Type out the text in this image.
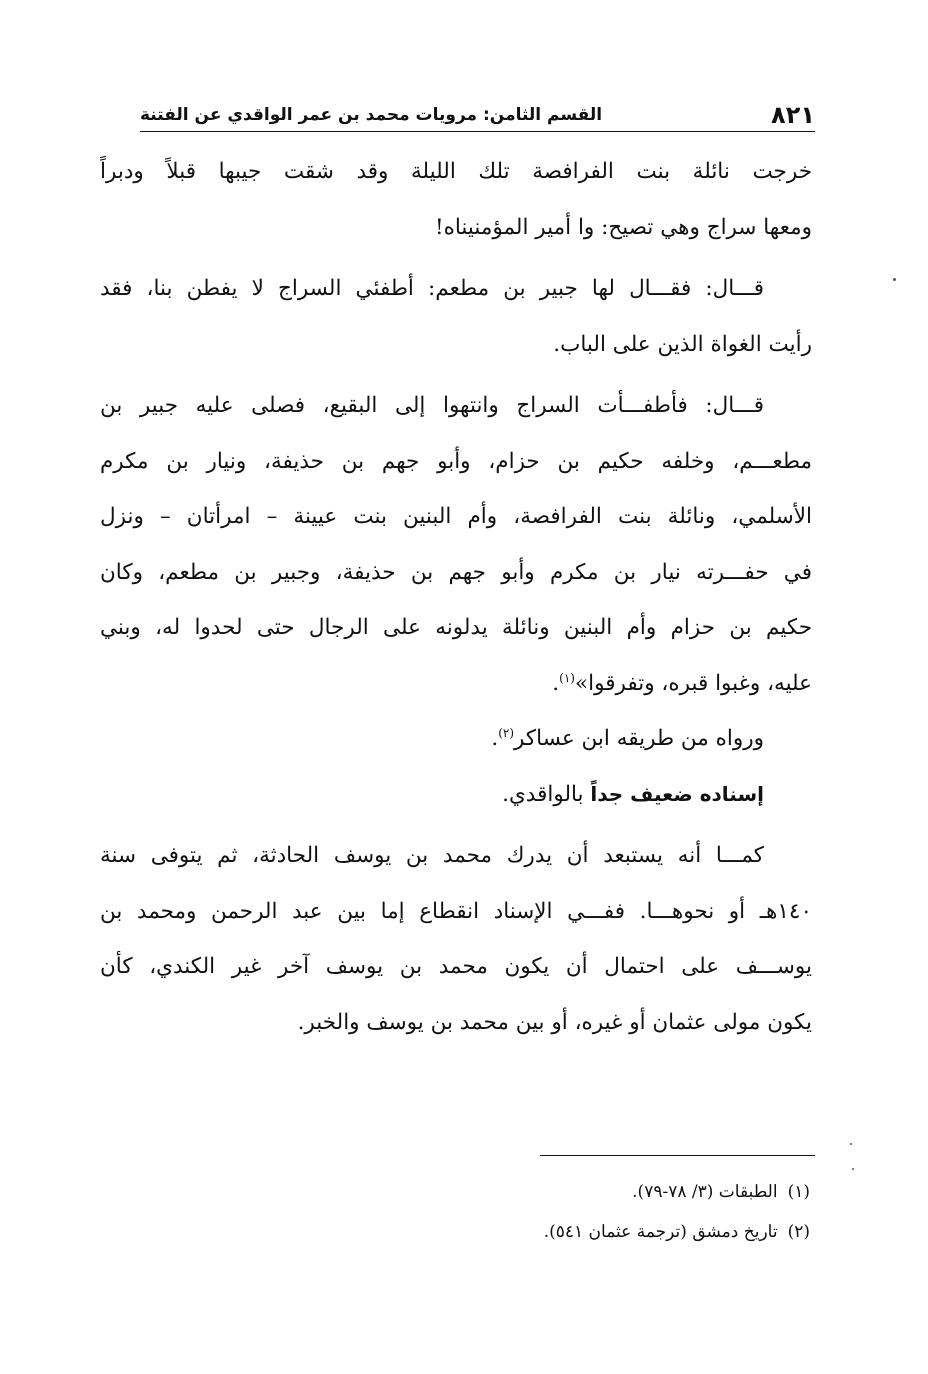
٨٢١
القسم الثامن: مرويات محمد بن عمر الواقدي عن الفتنة
خرجت نائلة بنت الفرافصة تلك الليلة وقد شقت جيبها قبلاً ودبراً
ومعها سراج وهي تصيح: وا أمير المؤمنيناه!
قـــال: فقـــال لها جبير بن مطعم: أطفئي السراج لا يفطن بنا، فقد
رأيت الغواة الذين على الباب.
قـــال: فأطفـــأت السراج وانتهوا إلى البقيع، فصلى عليه جبير بن
مطعـــم، وخلفه حكيم بن حزام، وأبو جهم بن حذيفة، ونيار بن مكرم
الأسلمي، ونائلة بنت الفرافصة، وأم البنين بنت عيينة – امرأتان – ونزل
في حفـــرته نيار بن مكرم وأبو جهم بن حذيفة، وجبير بن مطعم، وكان
حكيم بن حزام وأم البنين ونائلة يدلونه على الرجال حتى لحدوا له، وبني
عليه، وغبوا قبره، وتفرقوا»$^{(١)}$.
ورواه من طريقه ابن عساكر$^{(٢)}$.
إسناده ضعيف جداً بالواقدي.
كمـــا أنه يستبعد أن يدرك محمد بن يوسف الحادثة، ثم يتوفى سنة
١٤٠هـ أو نحوهـــا. ففـــي الإسناد انقطاع إما بين عبد الرحمن ومحمد بن
يوســـف على احتمال أن يكون محمد بن يوسف آخر غير الكندي، كأن
يكون مولى عثمان أو غيره، أو بين محمد بن يوسف والخبر.
(١)الطبقات (٣/ ٧٨-٧٩).
(٢)تاريخ دمشق (ترجمة عثمان ٥٤١).
